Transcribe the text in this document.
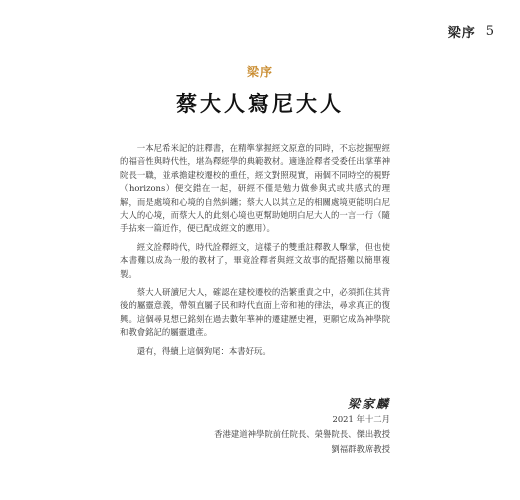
梁序 5
梁序
蔡大人寫尼大人

一本尼希米記的註釋書，在精準掌握經文原意的同時，不忘挖掘聖經的福音性與時代性，堪為釋經學的典範教材。適逢詮釋者受委任出掌華神院長一職，並承擔建校遷校的重任，經文對照現實，兩個不同時空的視野（horizons）便交錯在一起，研經不僅是勉力做參與式或共感式的理解，而是處境和心境的自然糾纏；蔡大人以其立足的相關處境更能明白尼大人的心境，而蔡大人的此刻心境也更幫助她明白尼大人的一言一行（隨手拈來一篇近作，便已配成經文的應用）。

經文詮釋時代，時代詮釋經文，這樣子的雙重註釋教人擊掌，但也使本書難以成為一般的教材了，畢竟詮釋者與經文故事的配搭難以簡單複製。

蔡大人研讀尼大人，確認在建校遷校的浩繁重責之中，必須抓住其背後的屬靈意義，帶領直屬子民和時代直面上帝和祂的律法，尋求真正的復興。這個尋見想已銘刻在過去數年華神的遷建歷史裡，更願它成為神學院和教會銘記的屬靈遺產。

還有，得續上這個狗尾：本書好玩。

梁家麟
2021 年十二月
香港建道神學院前任院長、榮譽院長、傑出教授
劉福群教席教授
